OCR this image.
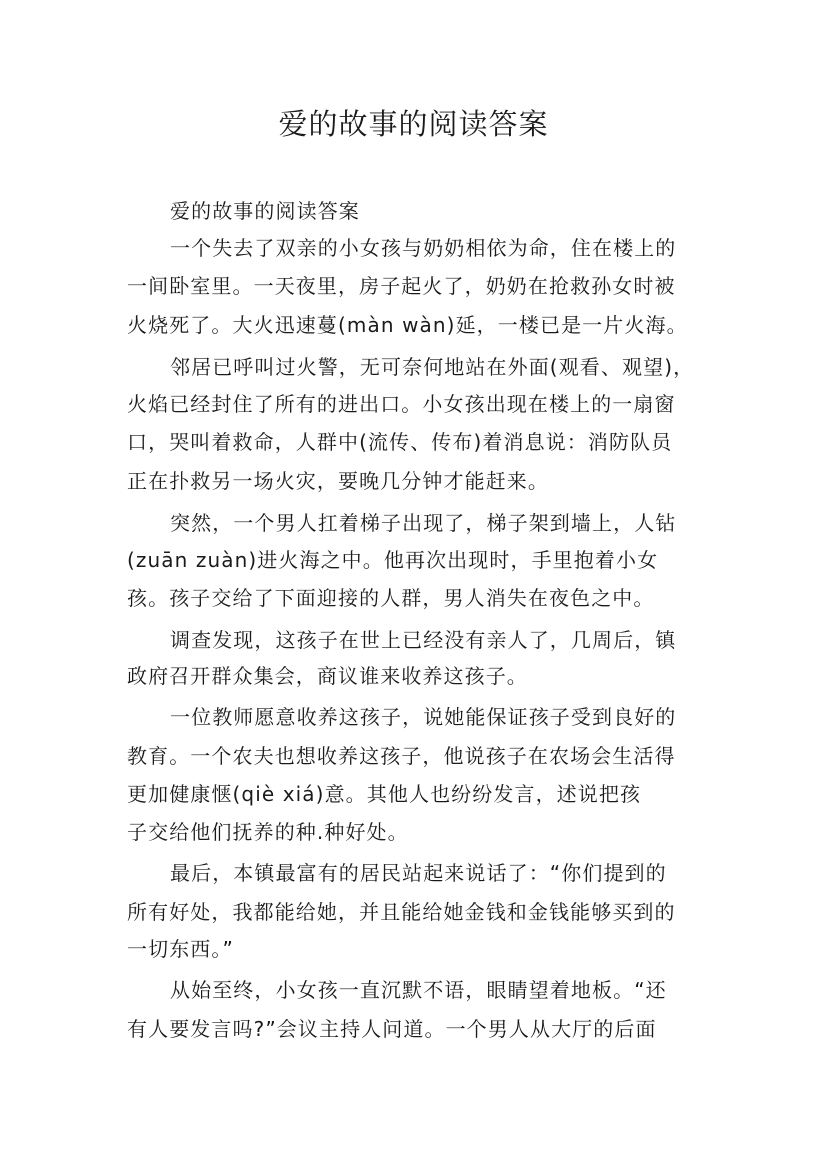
爱的故事的阅读答案

爱的故事的阅读答案

一个失去了双亲的小女孩与奶奶相依为命，住在楼上的

一间卧室里。一天夜里，房子起火了，奶奶在抢救孙女时被

火烧死了。大火迅速蔓(màn wàn)延，一楼已是一片火海。

邻居已呼叫过火警，无可奈何地站在外面(观看、观望)，

火焰已经封住了所有的进出口。小女孩出现在楼上的一扇窗

口，哭叫着救命，人群中(流传、传布)着消息说：消防队员

正在扑救另一场火灾，要晚几分钟才能赶来。

突然，一个男人扛着梯子出现了，梯子架到墙上，人钻

(zuān zuàn)进火海之中。他再次出现时，手里抱着小女

孩。孩子交给了下面迎接的人群，男人消失在夜色之中。

调查发现，这孩子在世上已经没有亲人了，几周后，镇

政府召开群众集会，商议谁来收养这孩子。

一位教师愿意收养这孩子，说她能保证孩子受到良好的

教育。一个农夫也想收养这孩子，他说孩子在农场会生活得

更加健康惬(qiè xiá)意。其他人也纷纷发言，述说把孩

子交给他们抚养的种.种好处。

最后，本镇最富有的居民站起来说话了：“你们提到的

所有好处，我都能给她，并且能给她金钱和金钱能够买到的

一切东西。”

从始至终，小女孩一直沉默不语，眼睛望着地板。“还

有人要发言吗?”会议主持人问道。一个男人从大厅的后面
